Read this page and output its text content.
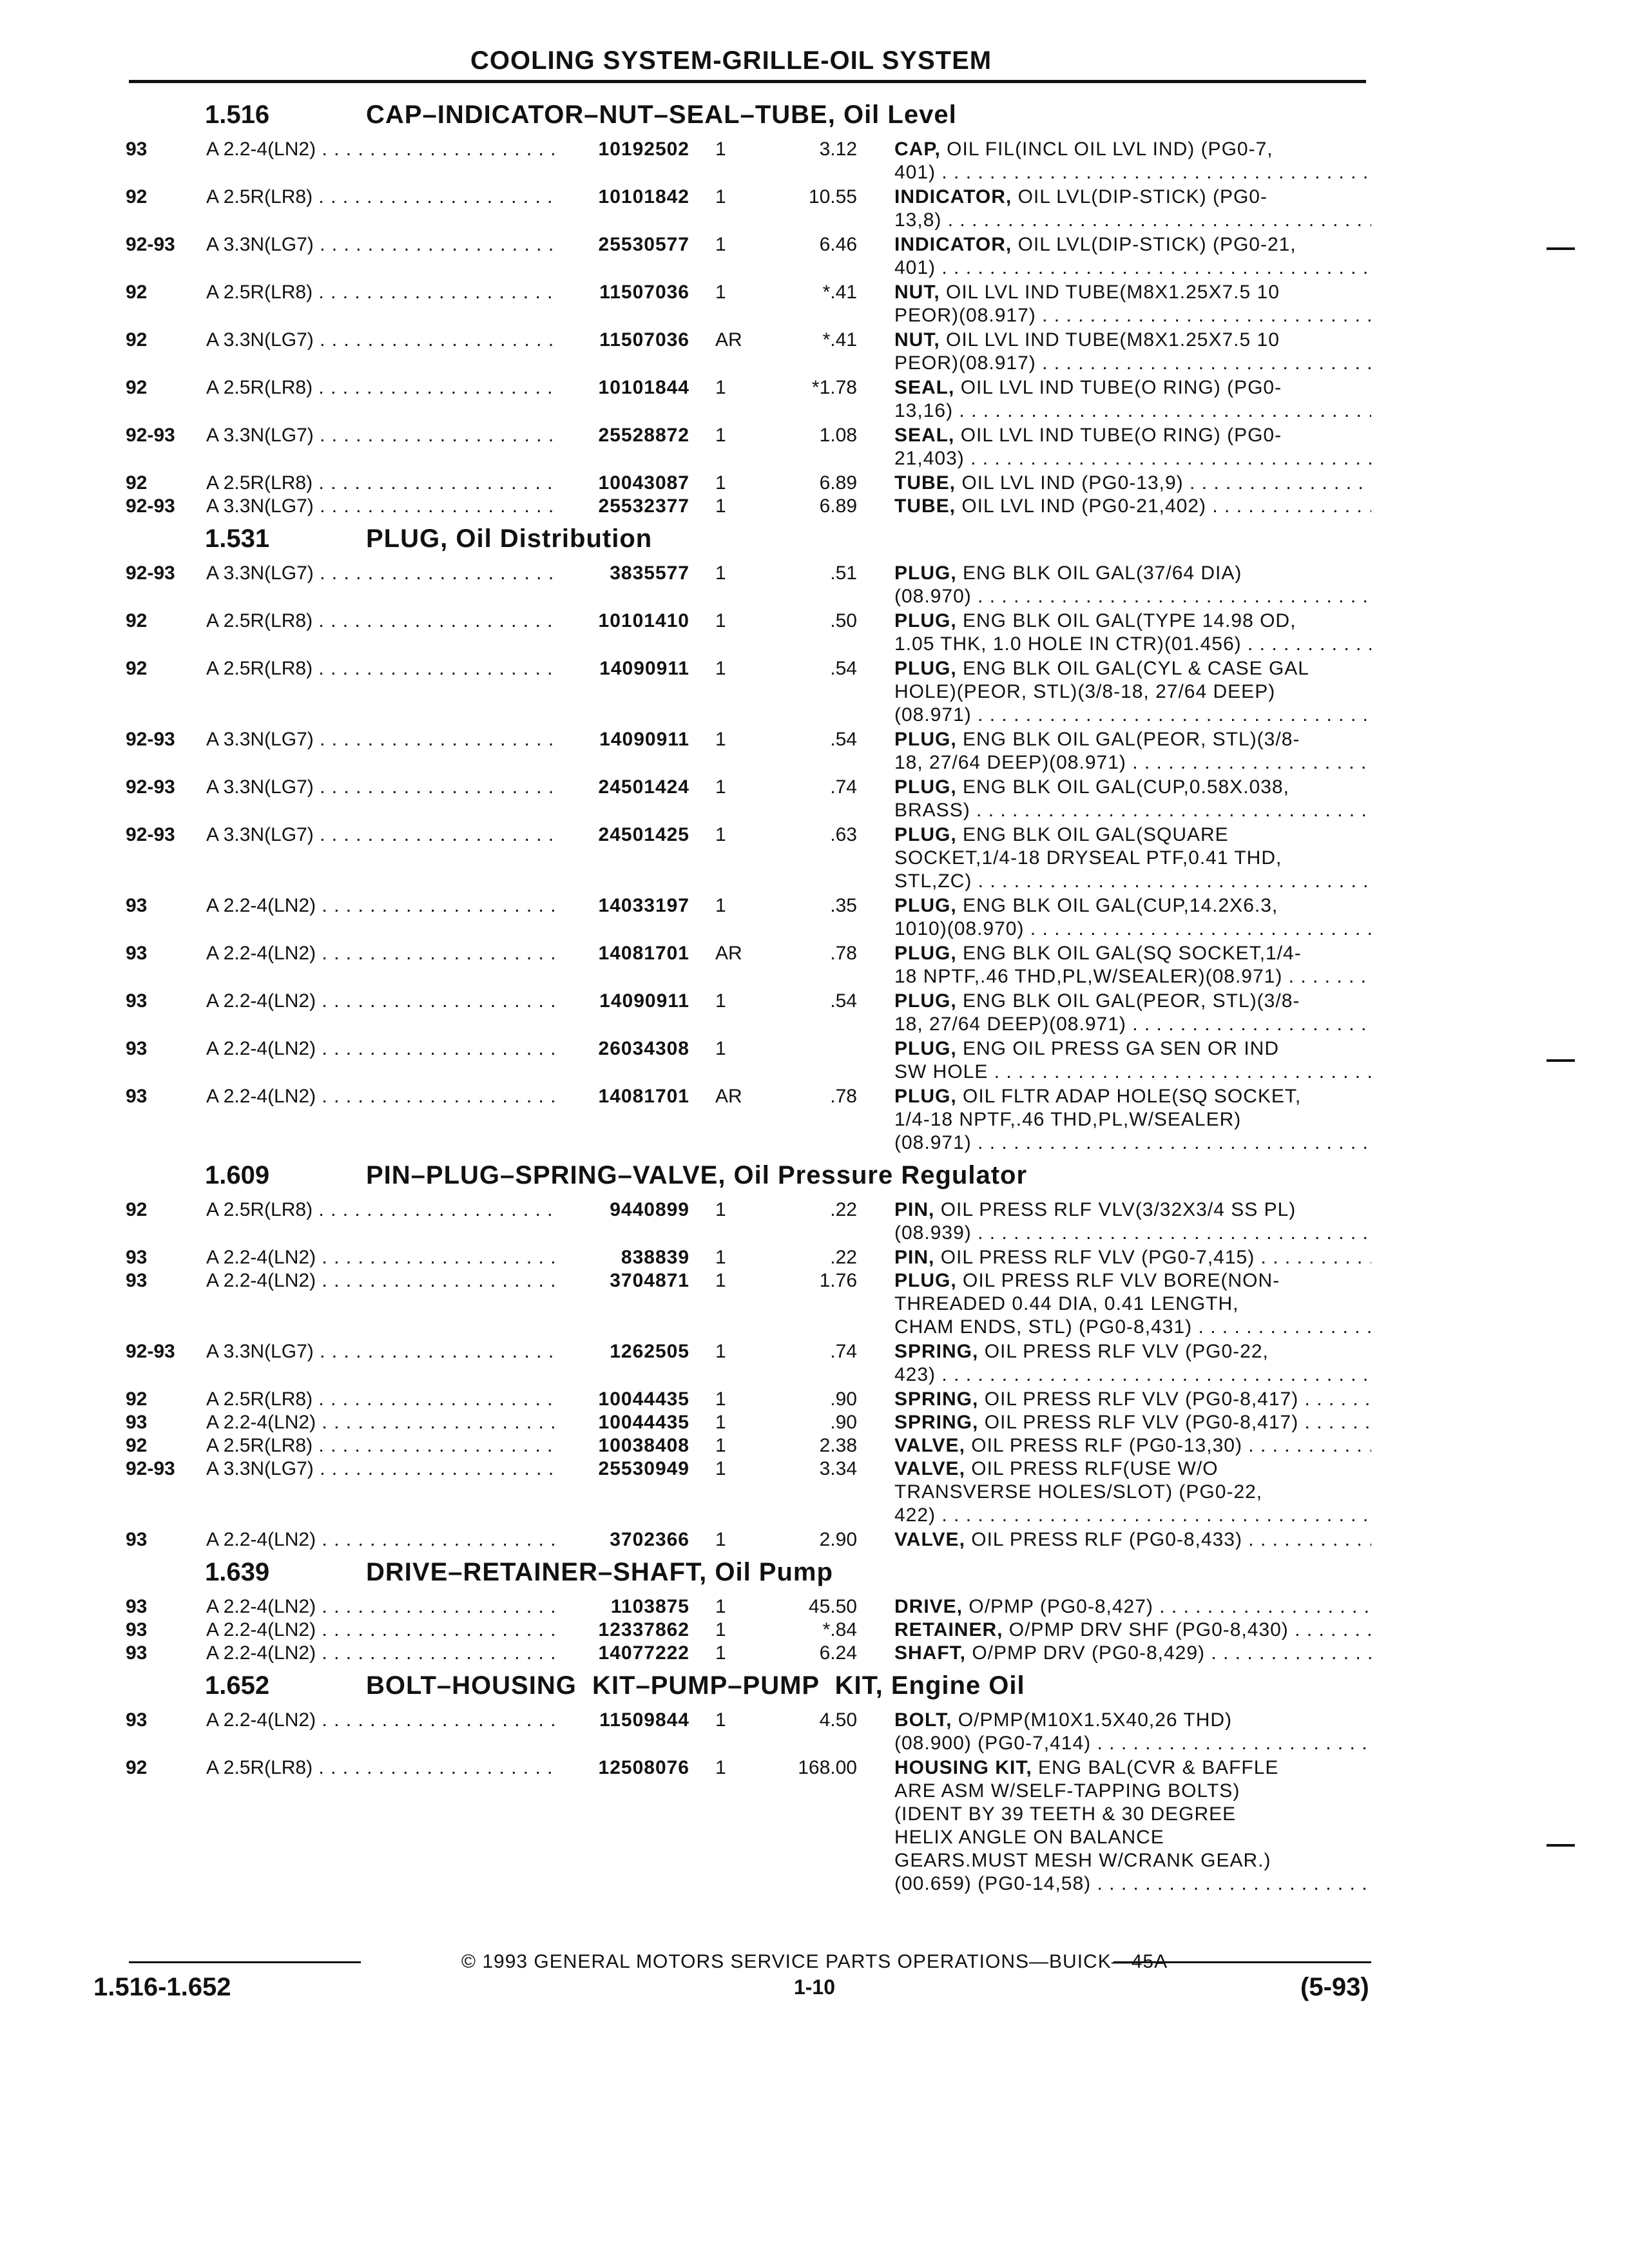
COOLING SYSTEM-GRILLE-OIL SYSTEM
1.516	CAP–INDICATOR–NUT–SEAL–TUBE, Oil Level
93	A 2.2-4(LN2) . . .	10192502 1	3.12 CAP, OIL FIL(INCL OIL LVL IND) (PG0-7,
401) . . .
92	A 2.5R(LR8) . . .	10101842 1	10.55 INDICATOR, OIL LVL(DIP-STICK) (PG0-
13,8) . . .
92-93 A 3.3N(LG7) . . .	25530577 1	6.46 INDICATOR, OIL LVL(DIP-STICK) (PG0-21,
401) . . .
92	A 2.5R(LR8) . . .	11507036 1	*.41 NUT, OIL LVL IND TUBE(M8X1.25X7.5 10
PEOR)(08.917) . . .
92	A 3.3N(LG7) . . .	11507036 AR	*.41 NUT, OIL LVL IND TUBE(M8X1.25X7.5 10
PEOR)(08.917) . . .
92	A 2.5R(LR8) . . .	10101844 1	*1.78 SEAL, OIL LVL IND TUBE(O RING) (PG0-
13,16) . . .
92-93 A 3.3N(LG7) . . .	25528872 1	1.08 SEAL, OIL LVL IND TUBE(O RING) (PG0-
21,403) . . .
92	A 2.5R(LR8) . . .	10043087 1	6.89 TUBE, OIL LVL IND (PG0-13,9) . . .
92-93 A 3.3N(LG7) . . .	25532377 1	6.89 TUBE, OIL LVL IND (PG0-21,402) . . .
1.531	PLUG, Oil Distribution
92-93 A 3.3N(LG7) . . .	3835577 1	.51 PLUG, ENG BLK OIL GAL(37/64 DIA)
(08.970) . . .
92	A 2.5R(LR8) . . .	10101410 1	.50 PLUG, ENG BLK OIL GAL(TYPE 14.98 OD,
1.05 THK, 1.0 HOLE IN CTR)(01.456) . . .
92	A 2.5R(LR8) . . .	14090911 1	.54 PLUG, ENG BLK OIL GAL(CYL & CASE GAL
HOLE)(PEOR, STL)(3/8-18, 27/64 DEEP)
(08.971) . . .
92-93 A 3.3N(LG7) . . .	14090911 1	.54 PLUG, ENG BLK OIL GAL(PEOR, STL)(3/8-
18, 27/64 DEEP)(08.971) . . .
92-93 A 3.3N(LG7) . . .	24501424 1	.74 PLUG, ENG BLK OIL GAL(CUP,0.58X.038,
BRASS) . . .
92-93 A 3.3N(LG7) . . .	24501425 1	.63 PLUG, ENG BLK OIL GAL(SQUARE
SOCKET,1/4-18 DRYSEAL PTF,0.41 THD,
STL,ZC) . . .
93	A 2.2-4(LN2) . . .	14033197 1	.35 PLUG, ENG BLK OIL GAL(CUP,14.2X6.3,
1010)(08.970) . . .
93	A 2.2-4(LN2) . . .	14081701 AR	.78 PLUG, ENG BLK OIL GAL(SQ SOCKET,1/4-
18 NPTF,.46 THD,PL,W/SEALER)(08.971) . . .
93	A 2.2-4(LN2) . . .	14090911 1	.54 PLUG, ENG BLK OIL GAL(PEOR, STL)(3/8-
18, 27/64 DEEP)(08.971) . . .
93	A 2.2-4(LN2) . . .	26034308 1	PLUG, ENG OIL PRESS GA SEN OR IND
SW HOLE . . .
93	A 2.2-4(LN2) . . .	14081701 AR	.78 PLUG, OIL FLTR ADAP HOLE(SQ SOCKET,
1/4-18 NPTF,.46 THD,PL,W/SEALER)
(08.971) . . .
1.609	PIN–PLUG–SPRING–VALVE, Oil Pressure Regulator
92	A 2.5R(LR8) . . .	9440899 1	.22 PIN, OIL PRESS RLF VLV(3/32X3/4 SS PL)
(08.939) . . .
93	A 2.2-4(LN2) . . .	838839 1	.22 PIN, OIL PRESS RLF VLV (PG0-7,415) . . .
93	A 2.2-4(LN2) . . .	3704871 1	1.76 PLUG, OIL PRESS RLF VLV BORE(NON-
THREADED 0.44 DIA, 0.41 LENGTH,
CHAM ENDS, STL) (PG0-8,431) . . .
92-93 A 3.3N(LG7) . . .	1262505 1	.74 SPRING, OIL PRESS RLF VLV (PG0-22,
423) . . .
92	A 2.5R(LR8) . . .	10044435 1	.90 SPRING, OIL PRESS RLF VLV (PG0-8,417) . . .
93	A 2.2-4(LN2) . . .	10044435 1	.90 SPRING, OIL PRESS RLF VLV (PG0-8,417) . . .
92	A 2.5R(LR8) . . .	10038408 1	2.38 VALVE, OIL PRESS RLF (PG0-13,30) . . .
92-93 A 3.3N(LG7) . . .	25530949 1	3.34 VALVE, OIL PRESS RLF(USE W/O
TRANSVERSE HOLES/SLOT) (PG0-22,
422) . . .
93	A 2.2-4(LN2) . . .	3702366 1	2.90 VALVE, OIL PRESS RLF (PG0-8,433) . . .
1.639	DRIVE–RETAINER–SHAFT, Oil Pump
93	A 2.2-4(LN2) . . .	1103875 1	45.50 DRIVE, O/PMP (PG0-8,427) . . .
93	A 2.2-4(LN2) . . .	12337862 1	*.84 RETAINER, O/PMP DRV SHF (PG0-8,430) . . .
93	A 2.2-4(LN2) . . .	14077222 1	6.24 SHAFT, O/PMP DRV (PG0-8,429) . . .
1.652	BOLT–HOUSING  KIT–PUMP–PUMP  KIT, Engine Oil
93	A 2.2-4(LN2) . . .	11509844 1	4.50 BOLT, O/PMP(M10X1.5X40,26 THD)
(08.900) (PG0-7,414) . . .
92	A 2.5R(LR8) . . .	12508076 1	168.00 HOUSING KIT, ENG BAL(CVR & BAFFLE
ARE ASM W/SELF-TAPPING BOLTS)
(IDENT BY 39 TEETH & 30 DEGREE
HELIX ANGLE ON BALANCE
GEARS.MUST MESH W/CRANK GEAR.)
(00.659) (PG0-14,58) . . .
© 1993 GENERAL MOTORS SERVICE PARTS OPERATIONS—BUICK—45A
1.516-1.652	1-10	(5-93)
